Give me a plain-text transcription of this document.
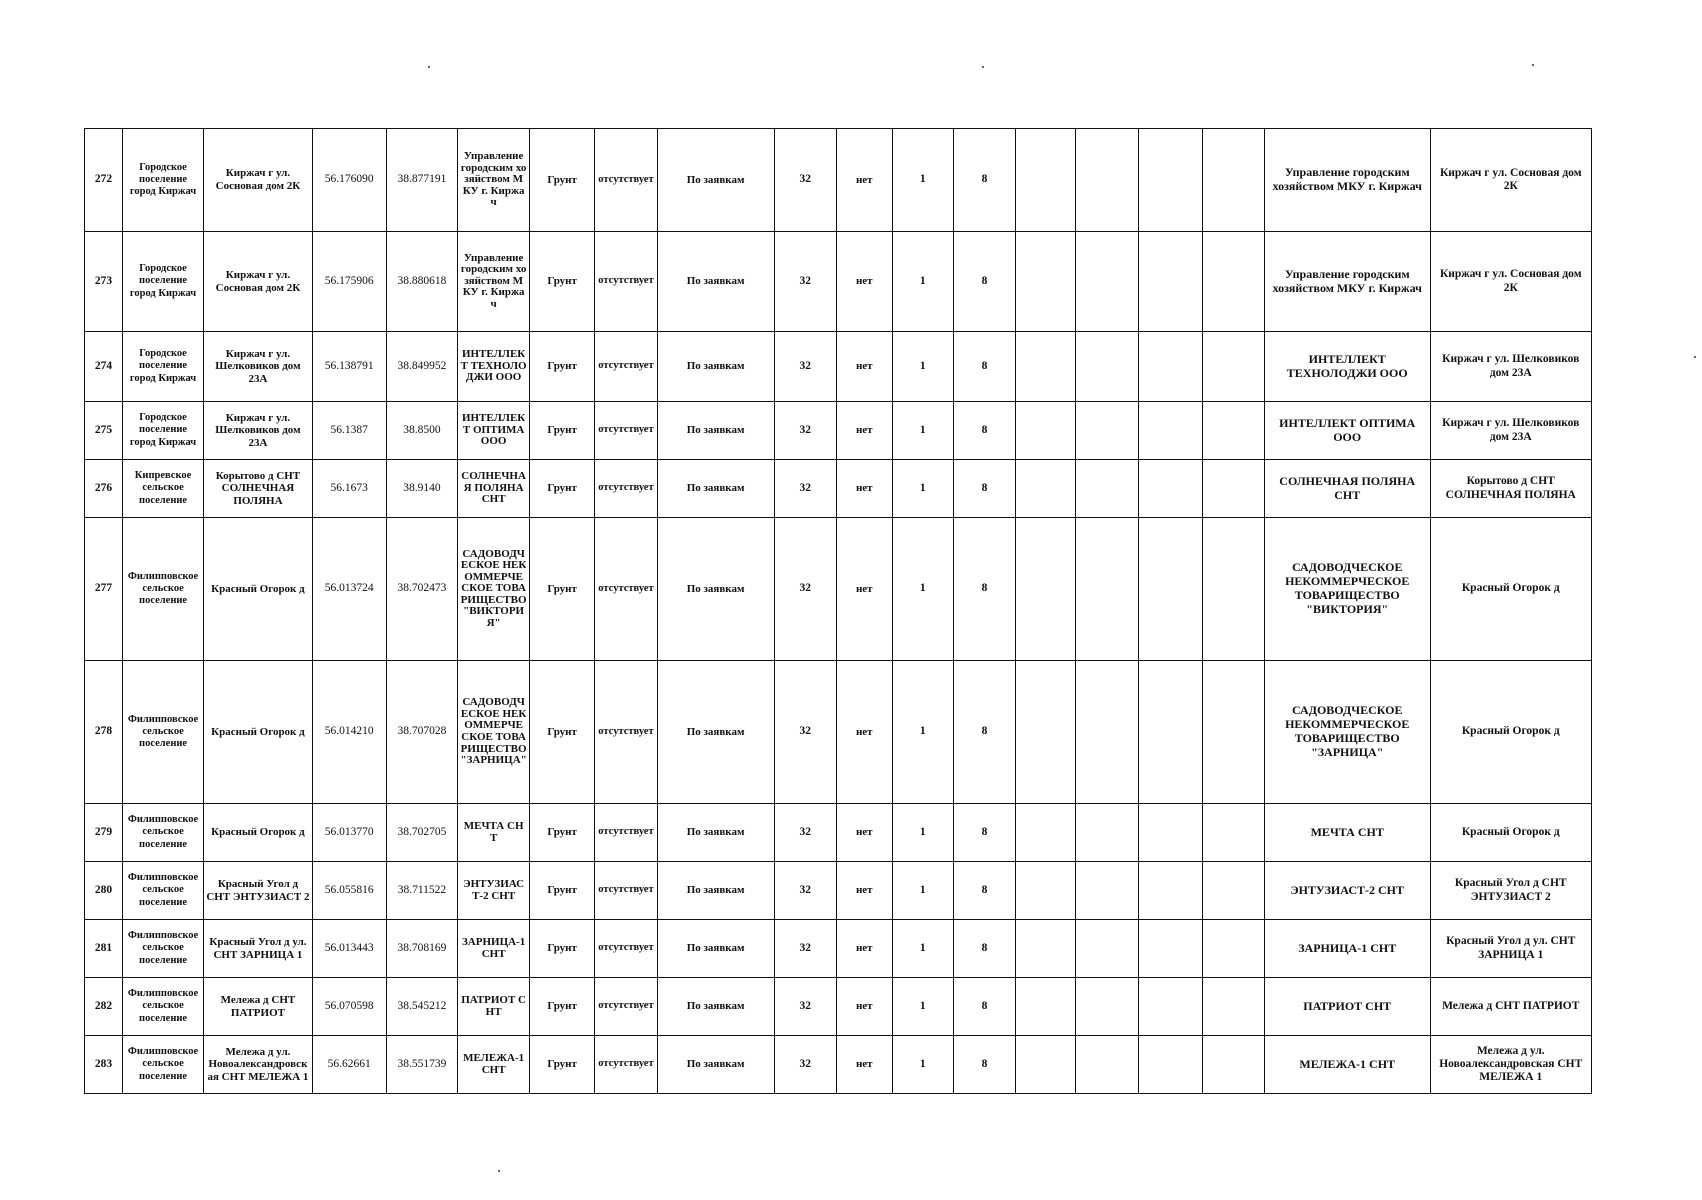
272	Городское поселение город Киржач	Киржач г ул. Сосновая дом 2К	56.176090	38.877191	Управление городским хозяйством МКУ г. Киржач	Грунт	отсутствует	По заявкам	32	нет	1	8					Управление городским хозяйством МКУ г. Киржач	Киржач г ул. Сосновая дом 2К
273	Городское поселение город Киржач	Киржач г ул. Сосновая дом 2К	56.175906	38.880618	Управление городским хозяйством МКУ г. Киржач	Грунт	отсутствует	По заявкам	32	нет	1	8					Управление городским хозяйством МКУ г. Киржач	Киржач г ул. Сосновая дом 2К
274	Городское поселение город Киржач	Киржач г ул. Шелковиков дом 23А	56.138791	38.849952	ИНТЕЛЛЕКТ ТЕХНОЛОДЖИ ООО	Грунт	отсутствует	По заявкам	32	нет	1	8					ИНТЕЛЛЕКТ ТЕХНОЛОДЖИ ООО	Киржач г ул. Шелковиков дом 23А
275	Городское поселение город Киржач	Киржач г ул. Шелковиков дом 23А	56.1387	38.8500	ИНТЕЛЛЕКТ ОПТИМА ООО	Грунт	отсутствует	По заявкам	32	нет	1	8					ИНТЕЛЛЕКТ ОПТИМА ООО	Киржач г ул. Шелковиков дом 23А
276	Кипревское сельское поселение	Корытово д СНТ СОЛНЕЧНАЯ ПОЛЯНА	56.1673	38.9140	СОЛНЕЧНАЯ ПОЛЯНА СНТ	Грунт	отсутствует	По заявкам	32	нет	1	8					СОЛНЕЧНАЯ ПОЛЯНА СНТ	Корытово д СНТ СОЛНЕЧНАЯ ПОЛЯНА
277	Филипповское сельское поселение	Красный Огорок д	56.013724	38.702473	САДОВОДЧЕСКОЕ НЕКОММЕРЧЕСКОЕ ТОВАРИЩЕСТВО "ВИКТОРИЯ"	Грунт	отсутствует	По заявкам	32	нет	1	8					САДОВОДЧЕСКОЕ НЕКОММЕРЧЕСКОЕ ТОВАРИЩЕСТВО "ВИКТОРИЯ"	Красный Огорок д
278	Филипповское сельское поселение	Красный Огорок д	56.014210	38.707028	САДОВОДЧЕСКОЕ НЕКОММЕРЧЕСКОЕ ТОВАРИЩЕСТВО "ЗАРНИЦА"	Грунт	отсутствует	По заявкам	32	нет	1	8					САДОВОДЧЕСКОЕ НЕКОММЕРЧЕСКОЕ ТОВАРИЩЕСТВО "ЗАРНИЦА"	Красный Огорок д
279	Филипповское сельское поселение	Красный Огорок д	56.013770	38.702705	МЕЧТА СНТ	Грунт	отсутствует	По заявкам	32	нет	1	8					МЕЧТА СНТ	Красный Огорок д
280	Филипповское сельское поселение	Красный Угол д СНТ ЭНТУЗИАСТ 2	56.055816	38.711522	ЭНТУЗИАСТ-2 СНТ	Грунт	отсутствует	По заявкам	32	нет	1	8					ЭНТУЗИАСТ-2 СНТ	Красный Угол д СНТ ЭНТУЗИАСТ 2
281	Филипповское сельское поселение	Красный Угол д ул. СНТ ЗАРНИЦА 1	56.013443	38.708169	ЗАРНИЦА-1 СНТ	Грунт	отсутствует	По заявкам	32	нет	1	8					ЗАРНИЦА-1 СНТ	Красный Угол д ул. СНТ ЗАРНИЦА 1
282	Филипповское сельское поселение	Мележа д СНТ ПАТРИОТ	56.070598	38.545212	ПАТРИОТ СНТ	Грунт	отсутствует	По заявкам	32	нет	1	8					ПАТРИОТ СНТ	Мележа д СНТ ПАТРИОТ
283	Филипповское сельское поселение	Мележа д ул. Новоалександровская СНТ МЕЛЕЖА 1	56.62661	38.551739	МЕЛЕЖА-1 СНТ	Грунт	отсутствует	По заявкам	32	нет	1	8					МЕЛЕЖА-1 СНТ	Мележа д ул. Новоалександровская СНТ МЕЛЕЖА 1
